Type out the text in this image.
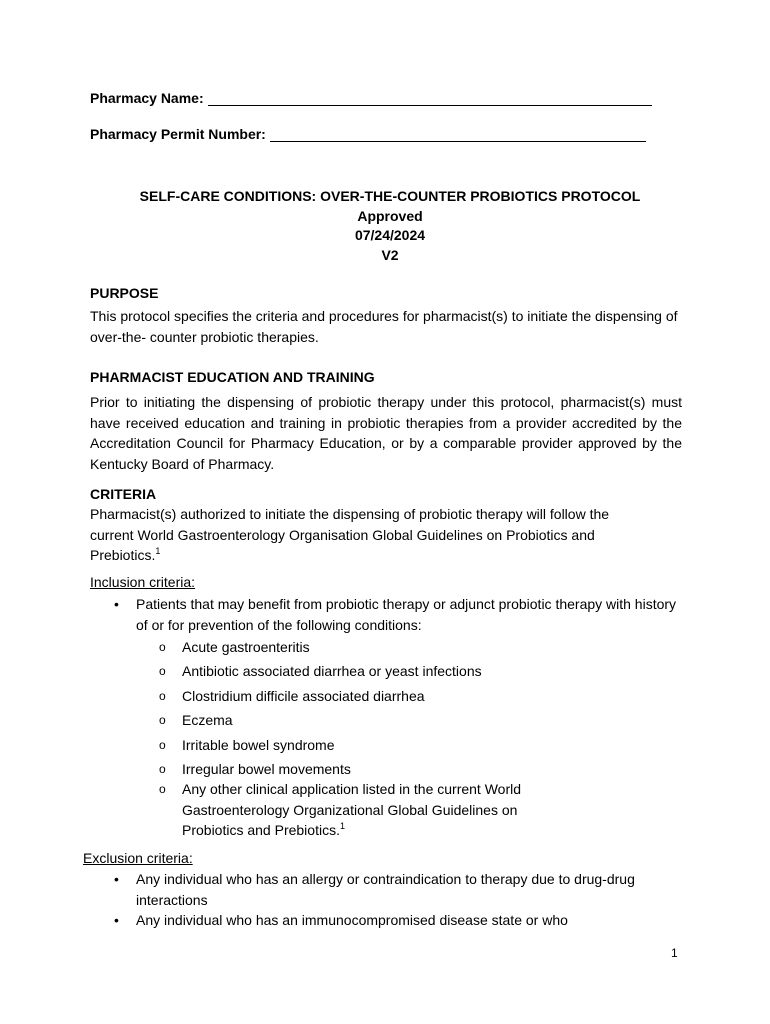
Pharmacy Name:
Pharmacy Permit Number:
SELF-CARE CONDITIONS: OVER-THE-COUNTER PROBIOTICS PROTOCOL
Approved
07/24/2024
V2
PURPOSE
This protocol specifies the criteria and procedures for pharmacist(s) to initiate the dispensing of over-the- counter probiotic therapies.
PHARMACIST EDUCATION AND TRAINING
Prior to initiating the dispensing of probiotic therapy under this protocol, pharmacist(s) must have received education and training in probiotic therapies from a provider accredited by the Accreditation Council for Pharmacy Education, or by a comparable provider approved by the Kentucky Board of Pharmacy.
CRITERIA
Pharmacist(s) authorized to initiate the dispensing of probiotic therapy will follow the current World Gastroenterology Organisation Global Guidelines on Probiotics and Prebiotics.$^1$
Inclusion criteria:
• Patients that may benefit from probiotic therapy or adjunct probiotic therapy with history of or for prevention of the following conditions:
o Acute gastroenteritis
o Antibiotic associated diarrhea or yeast infections
o Clostridium difficile associated diarrhea
o Eczema
o Irritable bowel syndrome
o Irregular bowel movements
o Any other clinical application listed in the current World
Gastroenterology Organizational Global Guidelines on
Probiotics and Prebiotics.$^1$
Exclusion criteria:
• Any individual who has an allergy or contraindication to therapy due to drug-drug interactions
• Any individual who has an immunocompromised disease state or who
1
